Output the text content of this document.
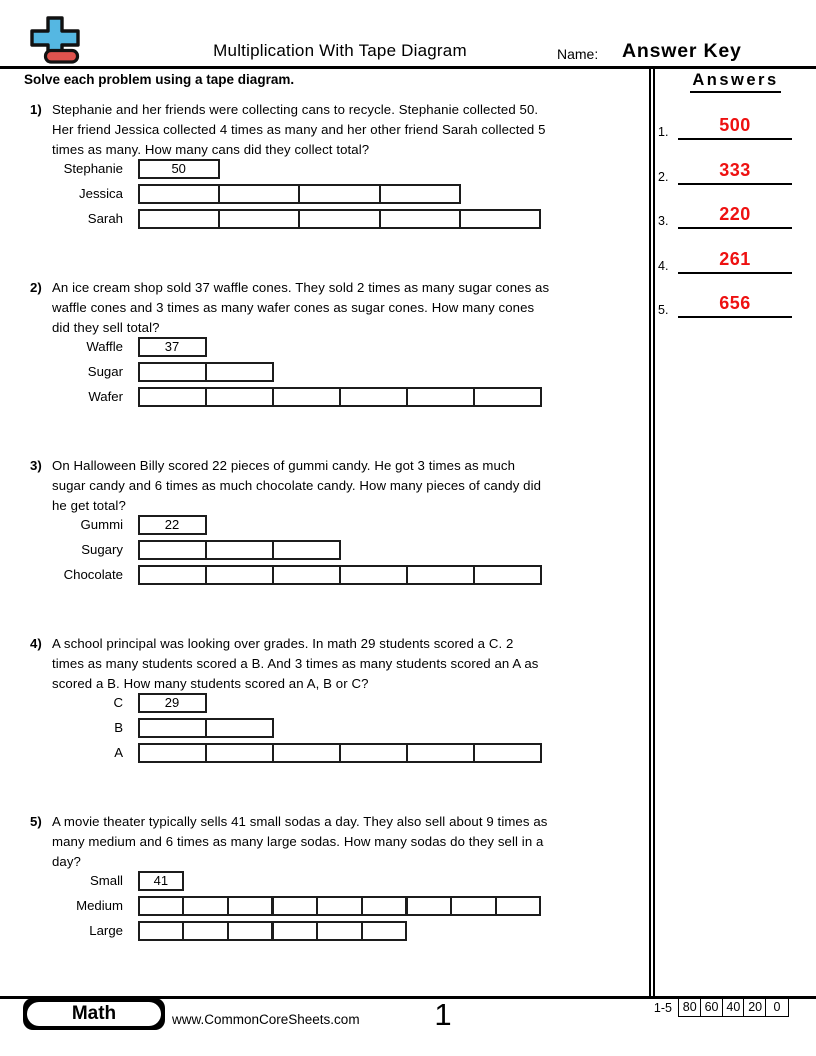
Multiplication With Tape Diagram	Name: Answer Key
Solve each problem using a tape diagram.	Answers
1.	500
2.	333
3.	220
4.	261
5.	656
1) Stephanie and her friends were collecting cans to recycle. Stephanie collected 50.
Her friend Jessica collected 4 times as many and her other friend Sarah collected 5
times as many. How many cans did they collect total?
Stephanie	50
Jessica
Sarah
2) An ice cream shop sold 37 waffle cones. They sold 2 times as many sugar cones as
waffle cones and 3 times as many wafer cones as sugar cones. How many cones
did they sell total?
Waffle	37
Sugar
Wafer
3) On Halloween Billy scored 22 pieces of gummi candy. He got 3 times as much
sugar candy and 6 times as much chocolate candy. How many pieces of candy did
he get total?
Gummi	22
Sugary
Chocolate
4) A school principal was looking over grades. In math 29 students scored a C. 2
times as many students scored a B. And 3 times as many students scored an A as
scored a B. How many students scored an A, B or C?
C	29
B
A
5) A movie theater typically sells 41 small sodas a day. They also sell about 9 times as
many medium and 6 times as many large sodas. How many sodas do they sell in a
day?
Small	41
Medium
Large
Math	www.CommonCoreSheets.com	1	1-5 80 60 40 20 0
